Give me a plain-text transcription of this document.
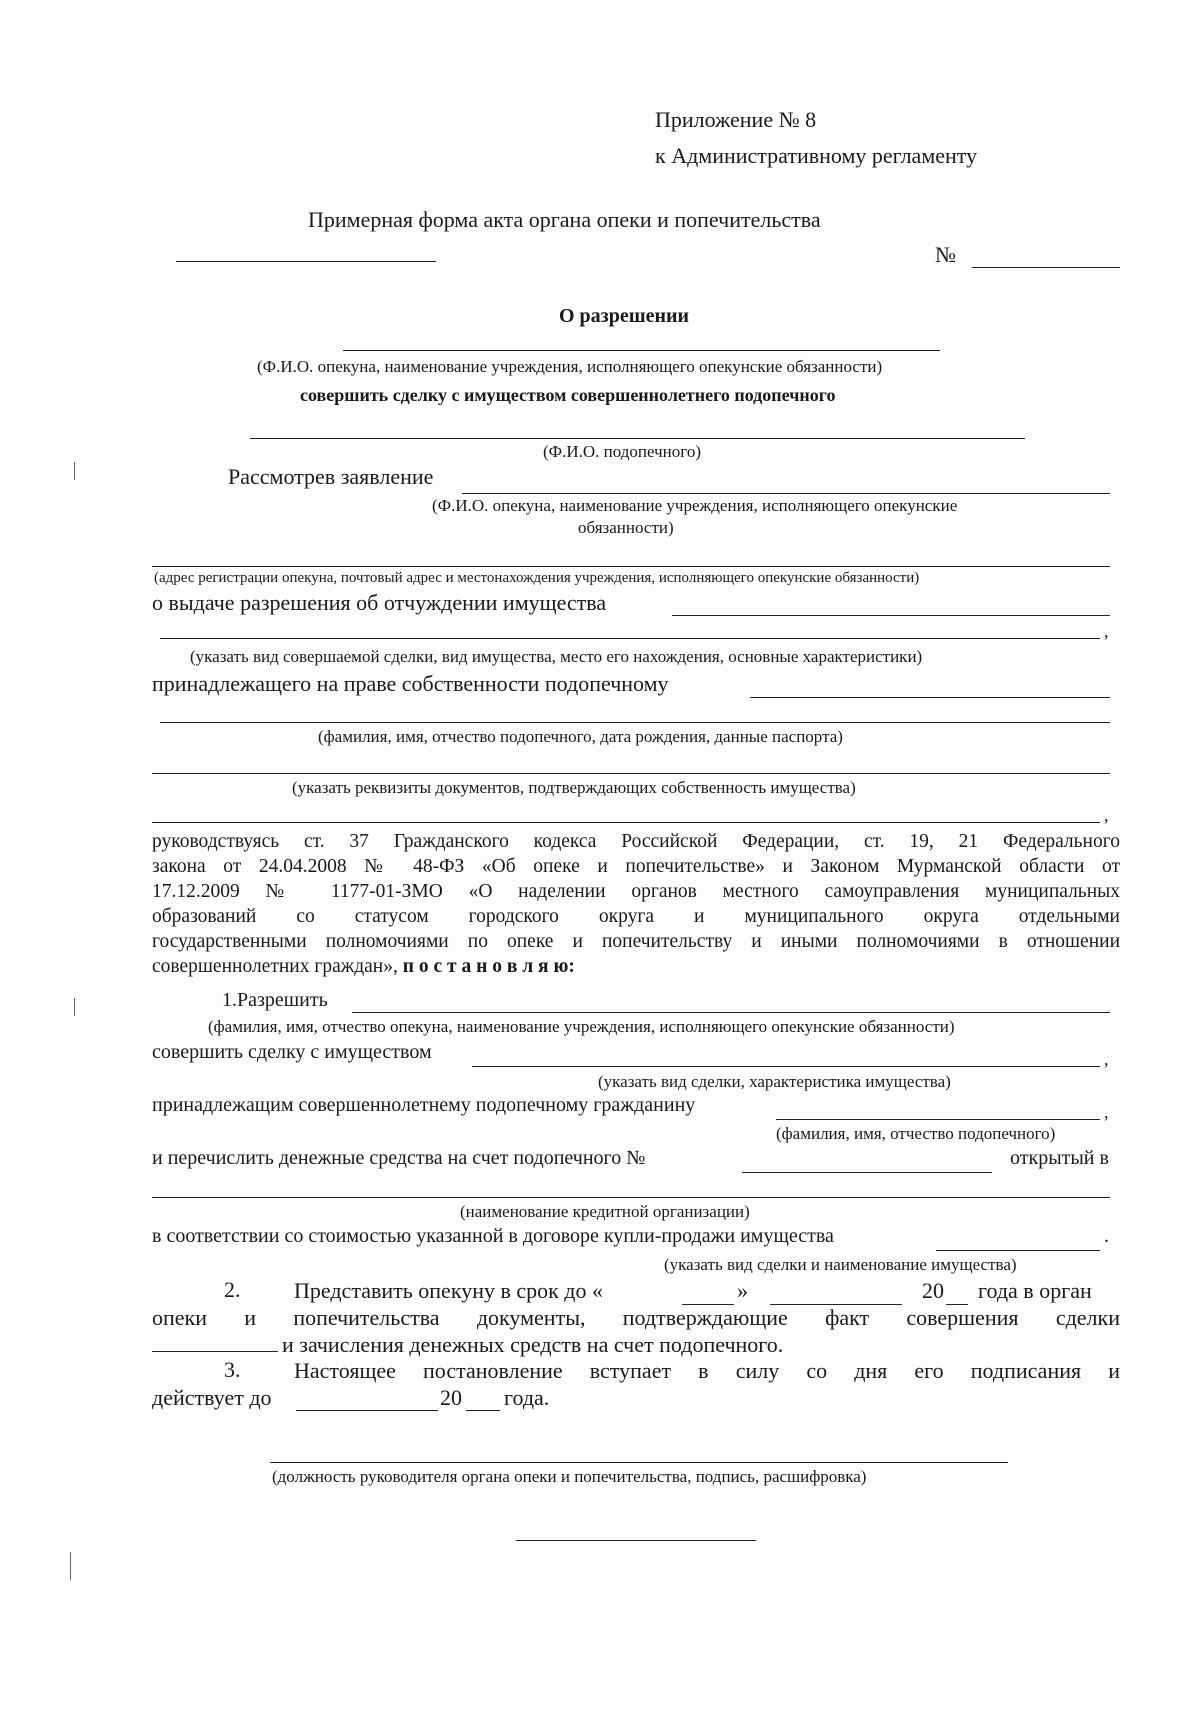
Приложение № 8
к Административному регламенту
Примерная форма акта органа опеки и попечительства
№
О разрешении
(Ф.И.О. опекуна, наименование учреждения, исполняющего опекунские обязанности)
совершить сделку с имуществом совершеннолетнего подопечного
(Ф.И.О. подопечного)
Рассмотрев заявление
(Ф.И.О. опекуна, наименование учреждения, исполняющего опекунские
обязанности)
(адрес регистрации опекуна, почтовый адрес и местонахождения учреждения, исполняющего опекунские обязанности)
о выдаче разрешения об отчуждении имущества
,
(указать вид совершаемой сделки, вид имущества, место его нахождения, основные характеристики)
принадлежащего на праве собственности подопечному
(фамилия, имя, отчество подопечного, дата рождения, данные паспорта)
(указать реквизиты документов, подтверждающих собственность имущества)
,
руководствуясь ст. 37 Гражданского кодекса Российской Федерации, ст. 19, 21 Федерального
закона от 24.04.2008 № 48-ФЗ «Об опеке и попечительстве» и Законом Мурманской области от
17.12.2009 № 1177-01-ЗМО «О наделении органов местного самоуправления муниципальных
образований со статусом городского округа и муниципального округа отдельными
государственными полномочиями по опеке и попечительству и иными полномочиями в отношении
совершеннолетних граждан», п о с т а н о в л я ю:
1.Разрешить
(фамилия, имя, отчество опекуна, наименование учреждения, исполняющего опекунские обязанности)
совершить сделку с имуществом	,
(указать вид сделки, характеристика имущества)
принадлежащим совершеннолетнему подопечному гражданину	,
(фамилия, имя, отчество подопечного)
и перечислить денежные средства на счет подопечного №	открытый в
(наименование кредитной организации)
в соответствии со стоимостью указанной в договоре купли-продажи имущества	.
(указать вид сделки и наименование имущества)
2. Представить опекуну в срок до «	»	20 года в орган
опеки и попечительства документы, подтверждающие факт совершения сделки
и зачисления денежных средств на счет подопечного.
3. Настоящее постановление вступает в силу со дня его подписания и
действует до	20 года.
(должность руководителя органа опеки и попечительства, подпись, расшифровка)
